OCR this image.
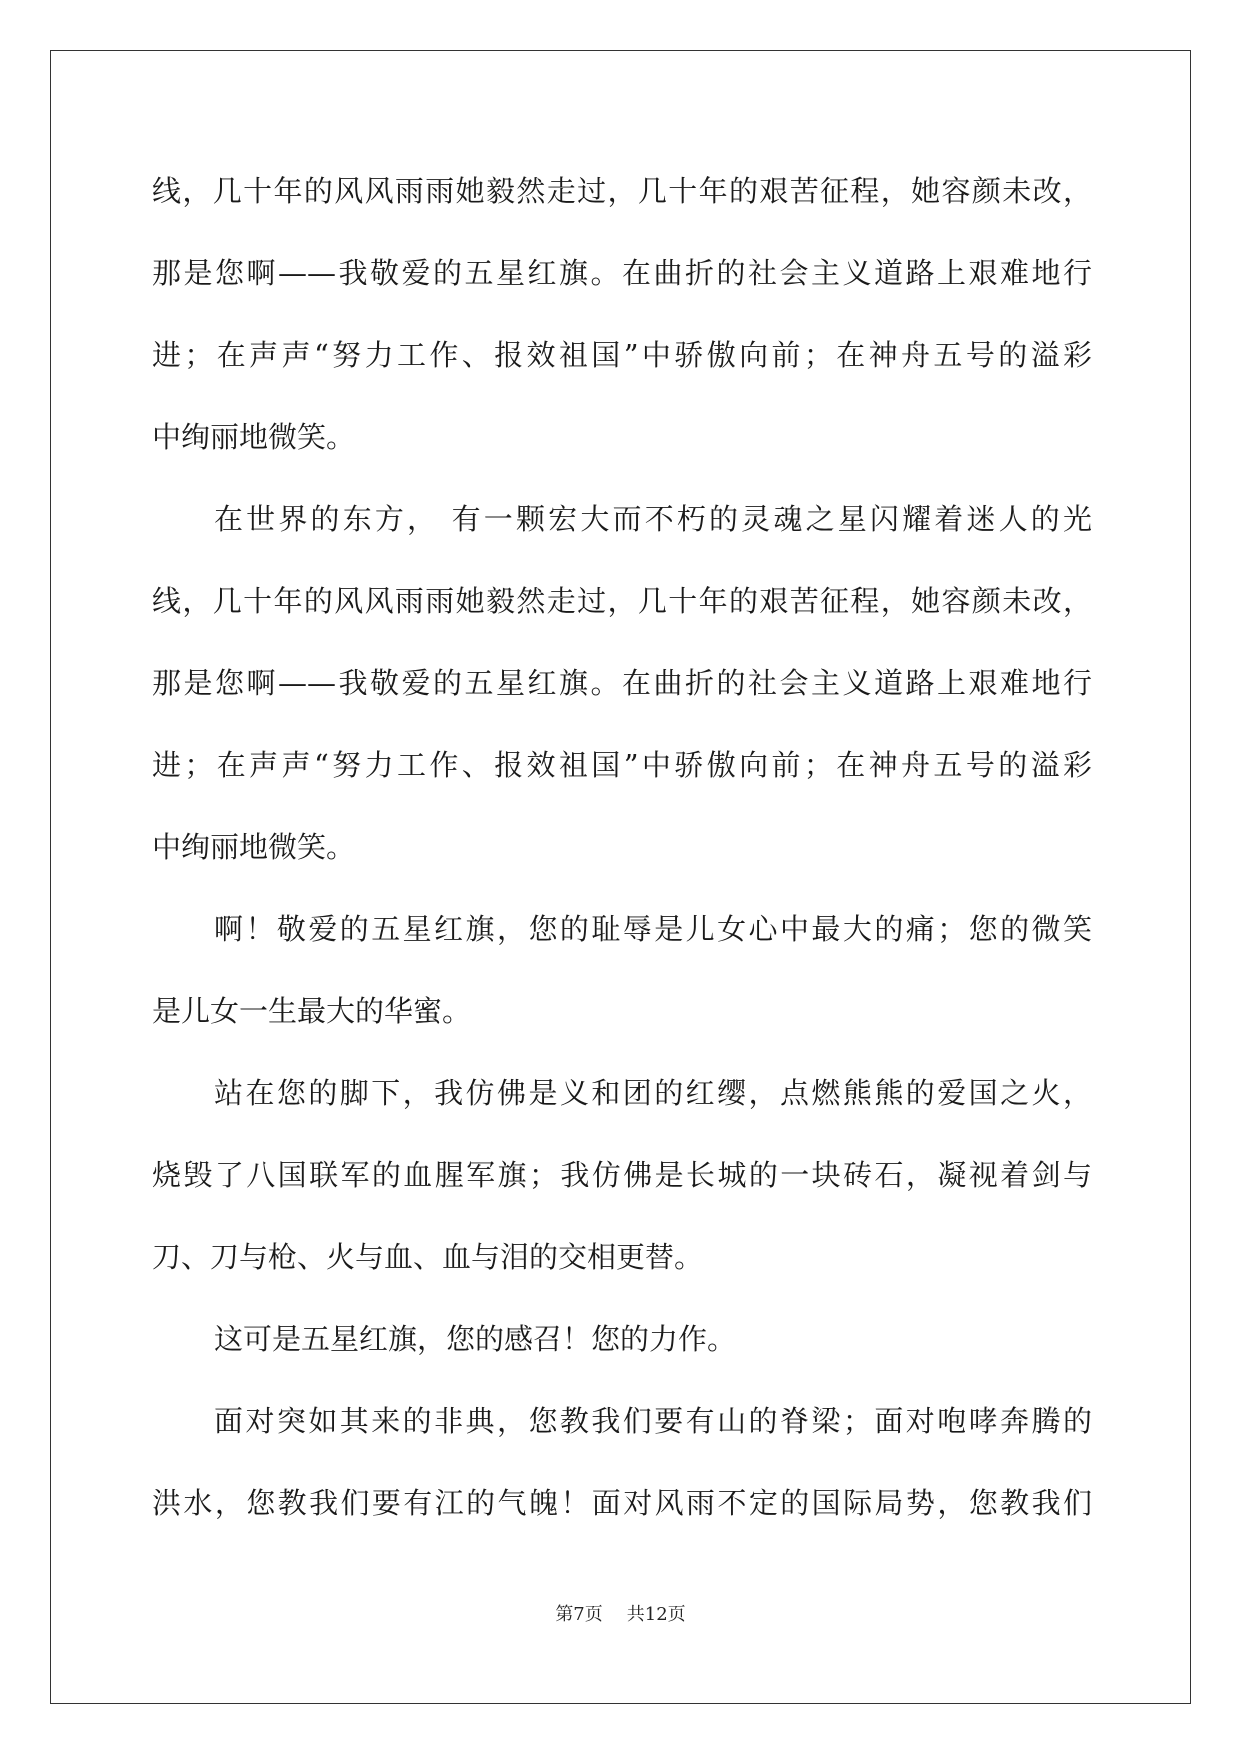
线，几十年的风风雨雨她毅然走过，几十年的艰苦征程，她容颜未改，
那是您啊——我敬爱的五星红旗。在曲折的社会主义道路上艰难地行
进；在声声“努力工作、报效祖国”中骄傲向前；在神舟五号的溢彩
中绚丽地微笑。
在世界的东方， 有一颗宏大而不朽的灵魂之星闪耀着迷人的光
线，几十年的风风雨雨她毅然走过，几十年的艰苦征程，她容颜未改，
那是您啊——我敬爱的五星红旗。在曲折的社会主义道路上艰难地行
进；在声声“努力工作、报效祖国”中骄傲向前；在神舟五号的溢彩
中绚丽地微笑。
啊！敬爱的五星红旗，您的耻辱是儿女心中最大的痛；您的微笑
是儿女一生最大的华蜜。
站在您的脚下，我仿佛是义和团的红缨，点燃熊熊的爱国之火，
烧毁了八国联军的血腥军旗；我仿佛是长城的一块砖石，凝视着剑与
刀、刀与枪、火与血、血与泪的交相更替。
这可是五星红旗，您的感召！您的力作。
面对突如其来的非典，您教我们要有山的脊梁；面对咆哮奔腾的
洪水，您教我们要有江的气魄！面对风雨不定的国际局势，您教我们
第7页 共12页
